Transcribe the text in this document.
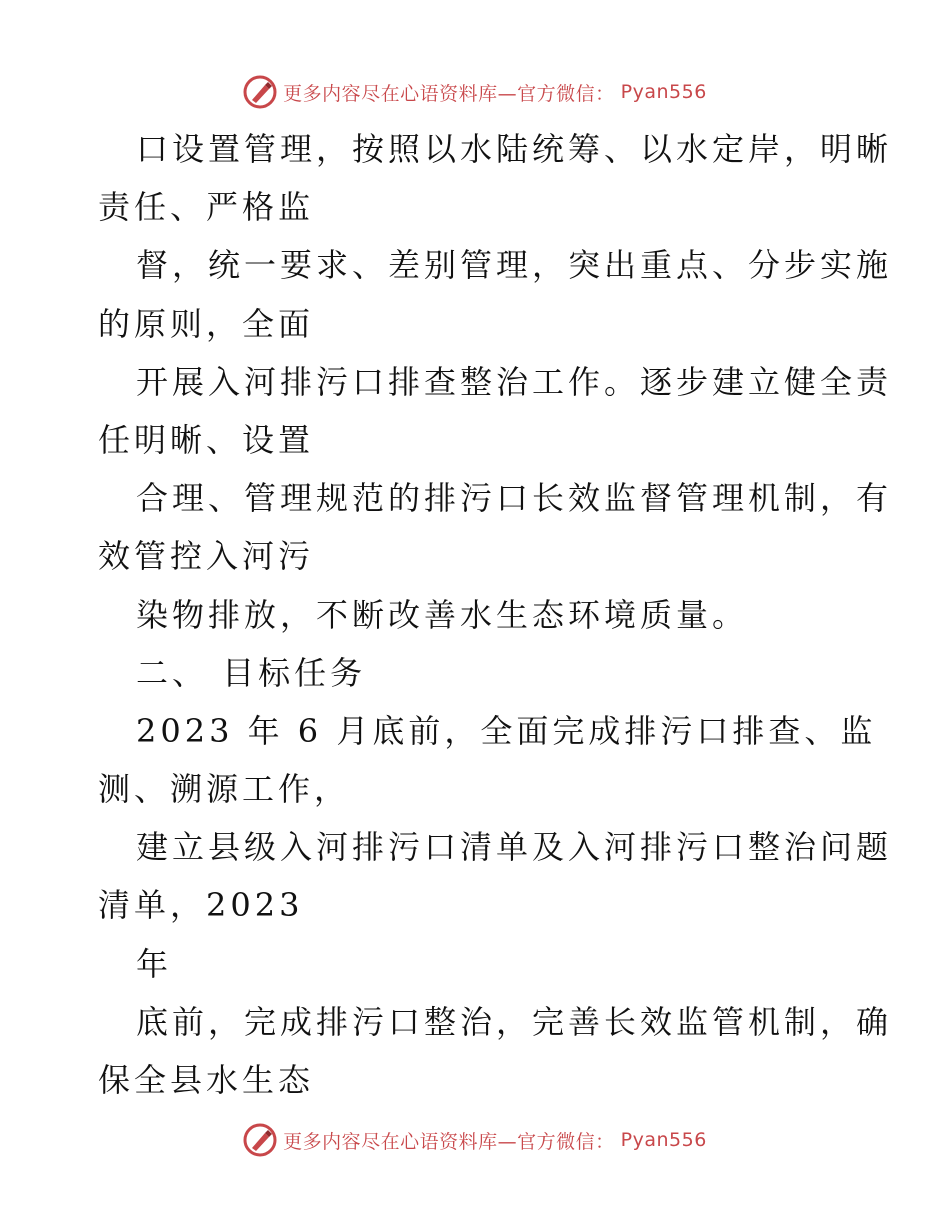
更多内容尽在心语资料库—官方微信： Pyan556
口设置管理，按照以水陆统筹、以水定岸，明晰
责任、严格监
督，统一要求、差别管理，突出重点、分步实施
的原则，全面
开展入河排污口排查整治工作。逐步建立健全责
任明晰、设置
合理、管理规范的排污口长效监督管理机制，有
效管控入河污
染物排放，不断改善水生态环境质量。
二、 目标任务
2023 年 6 月底前，全面完成排污口排查、监
测、溯源工作，
建立县级入河排污口清单及入河排污口整治问题
清单，2023
年
底前，完成排污口整治，完善长效监管机制，确
保全县水生态
更多内容尽在心语资料库—官方微信： Pyan556
